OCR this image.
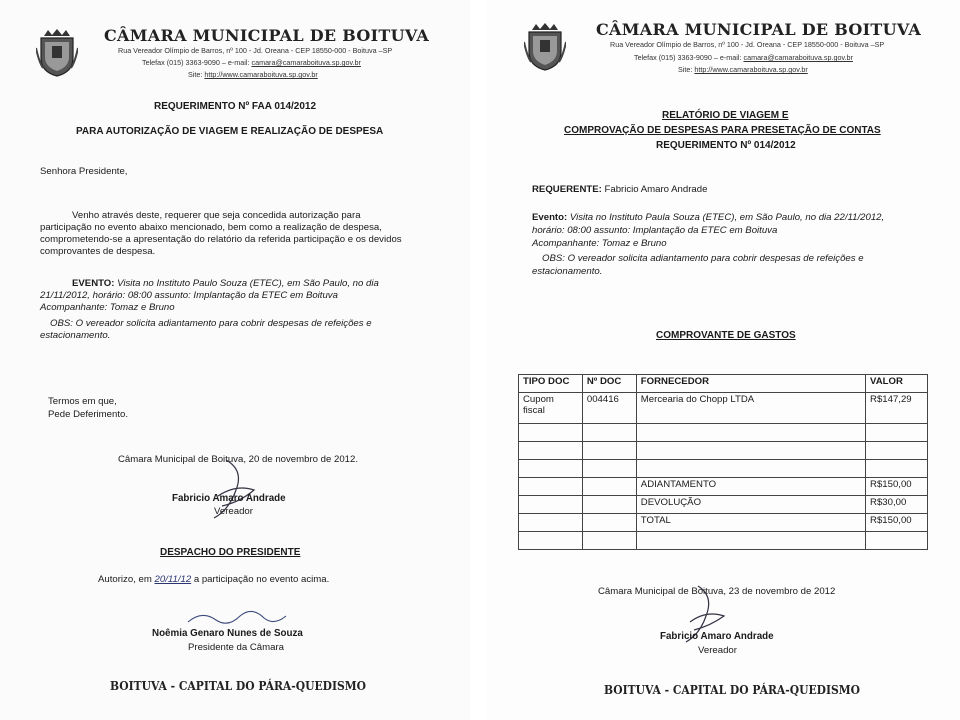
CÂMARA MUNICIPAL DE BOITUVA
Rua Vereador Olímpio de Barros, nº 100 - Jd. Oreana - CEP 18550-000 - Boituva –SP
Telefax (015) 3363-9090 – e-mail: camara@camaraboituva.sp.gov.br
Site: http://www.camaraboituva.sp.gov.br
REQUERIMENTO Nº FAA 014/2012
PARA AUTORIZAÇÃO DE VIAGEM E REALIZAÇÃO DE DESPESA
Senhora Presidente,
Venho através deste, requerer que seja concedida autorização para
participação no evento abaixo mencionado, bem como a realização de despesa,
comprometendo-se a apresentação do relatório da referida participação e os devidos
comprovantes de despesa.
EVENTO: Visita no Instituto Paulo Souza (ETEC), em São Paulo, no dia
21/11/2012, horário: 08:00 assunto: Implantação da ETEC em Boituva
Acompanhante: Tomaz e Bruno
OBS: O vereador solicita adiantamento para cobrir despesas de refeições e
estacionamento.
Termos em que,
Pede Deferimento.
Câmara Municipal de Boituva, 20 de novembro de 2012.
Fabricio Amaro Andrade
Vereador
DESPACHO DO PRESIDENTE
Autorizo, em 20/11/12 a participação no evento acima.
Noêmia Genaro Nunes de Souza
Presidente da Câmara
BOITUVA - CAPITAL DO PÁRA-QUEDISMO
CÂMARA MUNICIPAL DE BOITUVA
Rua Vereador Olímpio de Barros, nº 100 - Jd. Oreana - CEP 18550-000 - Boituva –SP
Telefax (015) 3363-9090 – e-mail: camara@camaraboituva.sp.gov.br
Site: http://www.camaraboituva.sp.gov.br
RELATÓRIO DE VIAGEM E
COMPROVAÇÃO DE DESPESAS PARA PRESETAÇÃO DE CONTAS
REQUERIMENTO Nº 014/2012
REQUERENTE: Fabricio Amaro Andrade
Evento: Visita no Instituto Paula Souza (ETEC), em São Paulo, no dia 22/11/2012,
horário: 08:00 assunto: Implantação da ETEC em Boituva
Acompanhante: Tomaz e Bruno
OBS: O vereador solicita adiantamento para cobrir despesas de refeições e
estacionamento.
COMPROVANTE DE GASTOS
TIPO DOC	Nº DOC	FORNECEDOR	VALOR
Cupom fiscal	004416	Mercearia do Chopp LTDA	R$147,29

		ADIANTAMENTO	R$150,00
		DEVOLUÇÃO	R$30,00
		TOTAL	R$150,00

Câmara Municipal de Boituva, 23 de novembro de 2012
Fabricio Amaro Andrade
Vereador
BOITUVA - CAPITAL DO PÁRA-QUEDISMO
